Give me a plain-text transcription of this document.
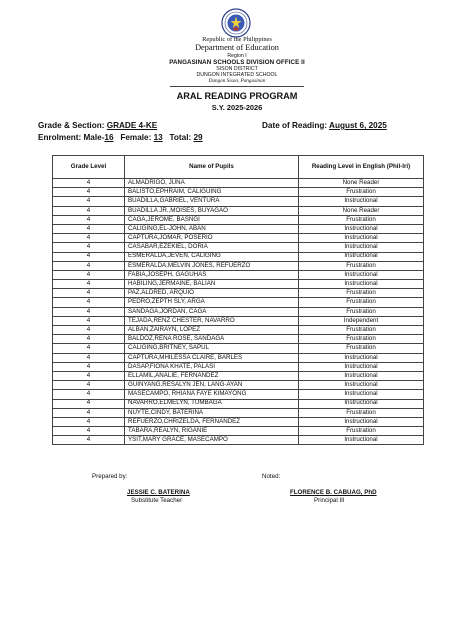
Republic of the Philippines
Department of Education
Region I
PANGASINAN SCHOOLS DIVISION OFFICE II
SISON DISTRICT
DUNGON INTEGRATED SCHOOL
Dungon Sison, Pangasinan
ARAL READING PROGRAM
S.Y. 2025-2026
Grade & Section: GRADE 4-KE	Date of Reading: August 6, 2025
Enrolment: Male-16 Female: 13 Total: 29
Grade Level	Name of Pupils	Reading Level in English (Phil-Iri)
4	ALMADRIGO, JUNA	None Reader
4	BALISTO,EPHRAIM, CALIGUING	Frustration
4	BUADILLA,GABRIEL, VENTURA	Instructional
4	BUADILLA JR.,MOISES, BUYAGAO	None Reader
4	CAGA,JEROME, BASNGI	Frustration
4	CALIGING,EL-JOHN, ABAN	Instructional
4	CAPTURA,JOMAR, POSERIO	Instructional
4	CASABAR,EZEKIEL, DORIA	Instructional
4	ESMERALDA,JEVEN, CALIGING	Instructional
4	ESMERALDA,MELVIN JONES, REFUERZO	Frustration
4	FABIA,JOSEPH, GAGUHAS	Instructional
4	HABILING,JERMAINE, BALIAN	Instructional
4	PAZ,ALDRED, ARQUIO	Frustration
4	PEDRO,ZEPTH SLY, ARGA	Frustration
4	SANDAGA,JORDAN, CAGA	Frustration
4	TEJADA,RENZ CHESTER, NAVARRO	Independent
4	ALBAN,ZAIRAYN, LOPEZ	Frustration
4	BALDOZ,RENA ROSE, SANDAGA	Frustration
4	CALIGING,BRITNEY, SAPUL	Frustration
4	CAPTURA,MHILESSA CLAIRE, BARLES	Instructional
4	DASAP,FIONA KHATE, PALASI	Instructional
4	ELLAMIL,ANALIE, FERNANDEZ	Instructional
4	GUINYANG,RESALYN JEN, LANG-AYAN	Instructional
4	MASECAMPO, RHIANA FAYE KIMAYONG	Instructional
4	NAVARRO,ELMELYN, TUMBAGA	Instructional
4	NUYTE,CINDY, BATERINA	Frustration
4	REFUERZO,CHRIZELDA, FERNANDEZ	Instructional
4	TABARA,REALYN, RIGANIE	Frustration
4	YSIT,MARY GRACE, MASECAMPO	Instructional
Prepared by:	Noted:
JESSIE C. BATERINA
Substitute Teacher
FLORENCE B. CABUAG, PhD
Principal III
